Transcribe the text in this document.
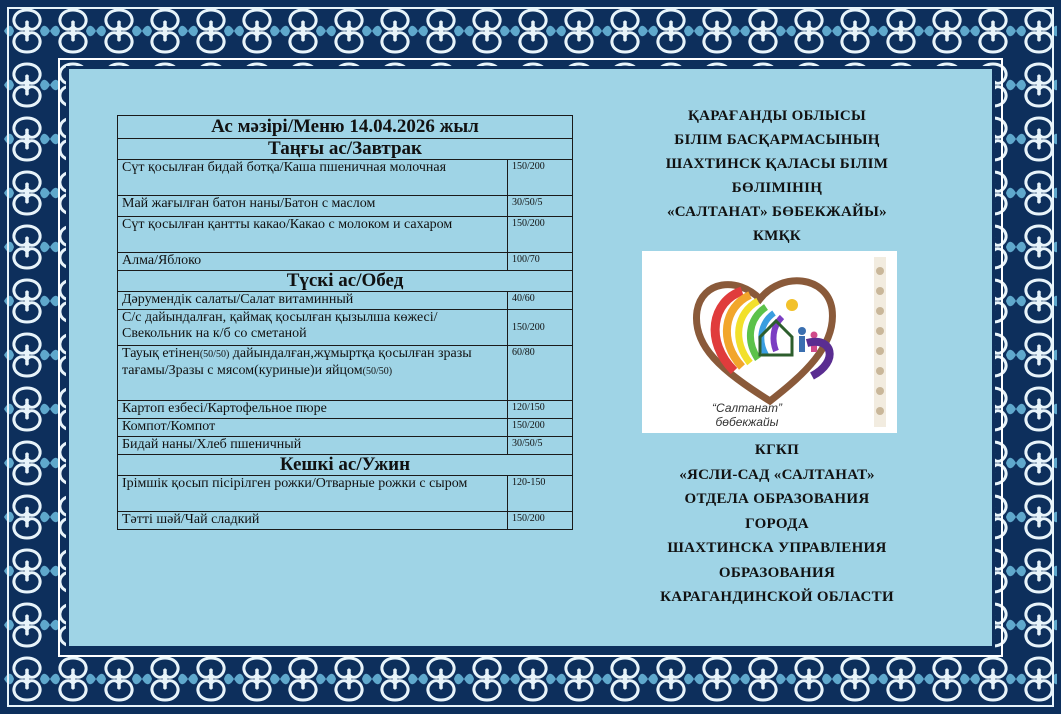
Ас мәзірі/Меню 14.04.2026 жыл	
Таңғы ас/Завтрак	
Сүт қосылған бидай ботқа/Каша пшеничная молочная	150/200
Май жағылған батон наны/Батон с маслом	30/50/5
Сүт қосылған қантты какао/Какао с молоком и сахаром	150/200
Алма/Яблоко	100/70
Түскі ас/Обед	
Дәрумендік салаты/Салат витаминный	40/60
С/с дайындалған, қаймақ қосылған қызылша көжесі/Свекольник на к/б со сметаной	150/200
Тауық етінен(50/50) дайындалған,жұмыртқа қосылған зразы тағамы/Зразы с мясом(куриные)и яйцом(50/50)	60/80
Картоп езбесі/Картофельное пюре	120/150
Компот/Компот	150/200
Бидай наны/Хлеб пшеничный	30/50/5
Кешкі ас/Ужин	
Ірімшік қосып пісірілген рожки/Отварные рожки с сыром	120-150
Тәтті шәй/Чай сладкий	150/200
ҚАРАҒАНДЫ ОБЛЫСЫ
БІЛІМ БАСҚАРМАСЫНЫҢ
ШАХТИНСК ҚАЛАСЫ БІЛІМ
БӨЛІМІНІҢ
«САЛТАНАТ» БӨБЕКЖАЙЫ»
КМҚК
“Салтанат” бөбекжайы
КГКП
«ЯСЛИ-САД «САЛТАНАТ»
ОТДЕЛА ОБРАЗОВАНИЯ
ГОРОДА
ШАХТИНСКА УПРАВЛЕНИЯ
ОБРАЗОВАНИЯ
КАРАГАНДИНСКОЙ ОБЛАСТИ
